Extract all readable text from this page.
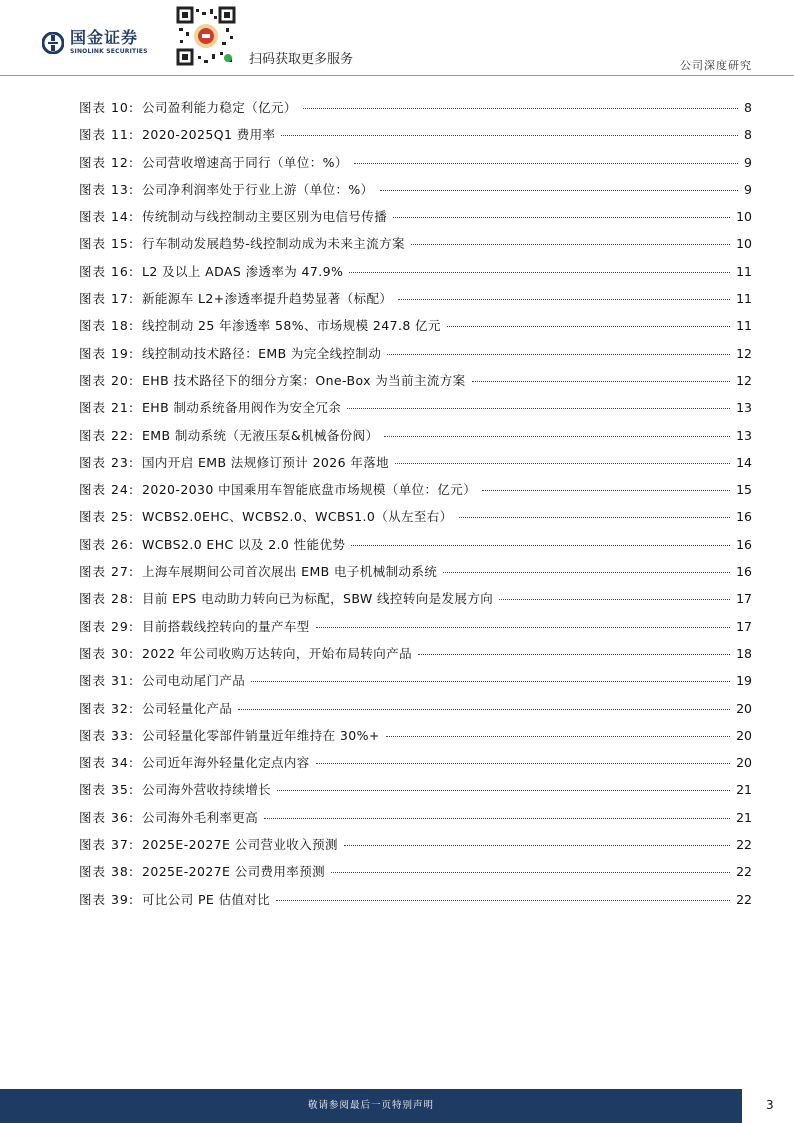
国金证券
SINOLINK SECURITIES
扫码获取更多服务	公司深度研究
图表 10: 公司盈利能力稳定（亿元）	8
图表 11: 2020-2025Q1 费用率	8
图表 12: 公司营收增速高于同行（单位：%）	9
图表 13: 公司净利润率处于行业上游（单位：%）	9
图表 14: 传统制动与线控制动主要区别为电信号传播	10
图表 15: 行车制动发展趋势-线控制动成为未来主流方案	10
图表 16: L2 及以上 ADAS 渗透率为 47.9%	11
图表 17: 新能源车 L2+渗透率提升趋势显著（标配）	11
图表 18: 线控制动 25 年渗透率 58%、市场规模 247.8 亿元	11
图表 19: 线控制动技术路径：EMB 为完全线控制动	12
图表 20: EHB 技术路径下的细分方案：One-Box 为当前主流方案	12
图表 21: EHB 制动系统备用阀作为安全冗余	13
图表 22: EMB 制动系统（无液压泵&机械备份阀）	13
图表 23: 国内开启 EMB 法规修订预计 2026 年落地	14
图表 24: 2020-2030 中国乘用车智能底盘市场规模（单位：亿元）	15
图表 25: WCBS2.0EHC、WCBS2.0、WCBS1.0（从左至右）	16
图表 26: WCBS2.0 EHC 以及 2.0 性能优势	16
图表 27: 上海车展期间公司首次展出 EMB 电子机械制动系统	16
图表 28: 目前 EPS 电动助力转向已为标配，SBW 线控转向是发展方向	17
图表 29: 目前搭载线控转向的量产车型	17
图表 30: 2022 年公司收购万达转向，开始布局转向产品	18
图表 31: 公司电动尾门产品	19
图表 32: 公司轻量化产品	20
图表 33: 公司轻量化零部件销量近年维持在 30%+	20
图表 34: 公司近年海外轻量化定点内容	20
图表 35: 公司海外营收持续增长	21
图表 36: 公司海外毛利率更高	21
图表 37: 2025E-2027E 公司营业收入预测	22
图表 38: 2025E-2027E 公司费用率预测	22
图表 39: 可比公司 PE 估值对比	22
敬请参阅最后一页特别声明	3
